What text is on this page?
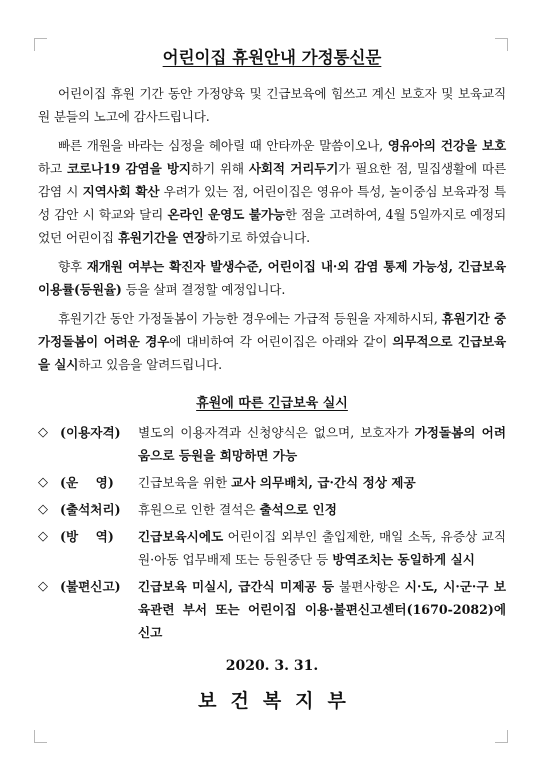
어린이집 휴원안내 가정통신문

어린이집 휴원 기간 동안 가정양육 및 긴급보육에 힘쓰고 계신 보호자 및 보육교직원 분들의 노고에 감사드립니다.

빠른 개원을 바라는 심정을 헤아릴 때 안타까운 말씀이오나, 영유아의 건강을 보호하고 코로나19 감염을 방지하기 위해 사회적 거리두기가 필요한 점, 밀집생활에 따른 감염 시 지역사회 확산 우려가 있는 점, 어린이집은 영유아 특성, 놀이중심 보육과정 특성 감안 시 학교와 달리 온라인 운영도 불가능한 점을 고려하여, 4월 5일까지로 예정되었던 어린이집 휴원기간을 연장하기로 하였습니다.

향후 재개원 여부는 확진자 발생수준, 어린이집 내·외 감염 통제 가능성, 긴급보육 이용률(등원율) 등을 살펴 결정할 예정입니다.

휴원기간 동안 가정돌봄이 가능한 경우에는 가급적 등원을 자제하시되, 휴원기간 중 가정돌봄이 어려운 경우에 대비하여 각 어린이집은 아래와 같이 의무적으로 긴급보육을 실시하고 있음을 알려드립니다.

휴원에 따른 긴급보육 실시
◇ (이용자격)	별도의 이용자격과 신청양식은 없으며, 보호자가 가정돌봄의 어려움으로 등원을 희망하면 가능
◇ (운    영)	긴급보육을 위한 교사 의무배치, 급·간식 정상 제공
◇ (출석처리)	휴원으로 인한 결석은 출석으로 인정
◇ (방    역)	긴급보육시에도 어린이집 외부인 출입제한, 매일 소독, 유증상 교직원·아동 업무배제 또는 등원중단 등 방역조치는 동일하게 실시
◇ (불편신고)	긴급보육 미실시, 급간식 미제공 등 불편사항은 시·도, 시·군·구 보육관련 부서 또는 어린이집 이용·불편신고센터(1670-2082)에 신고
2020. 3. 31.
보건복지부
